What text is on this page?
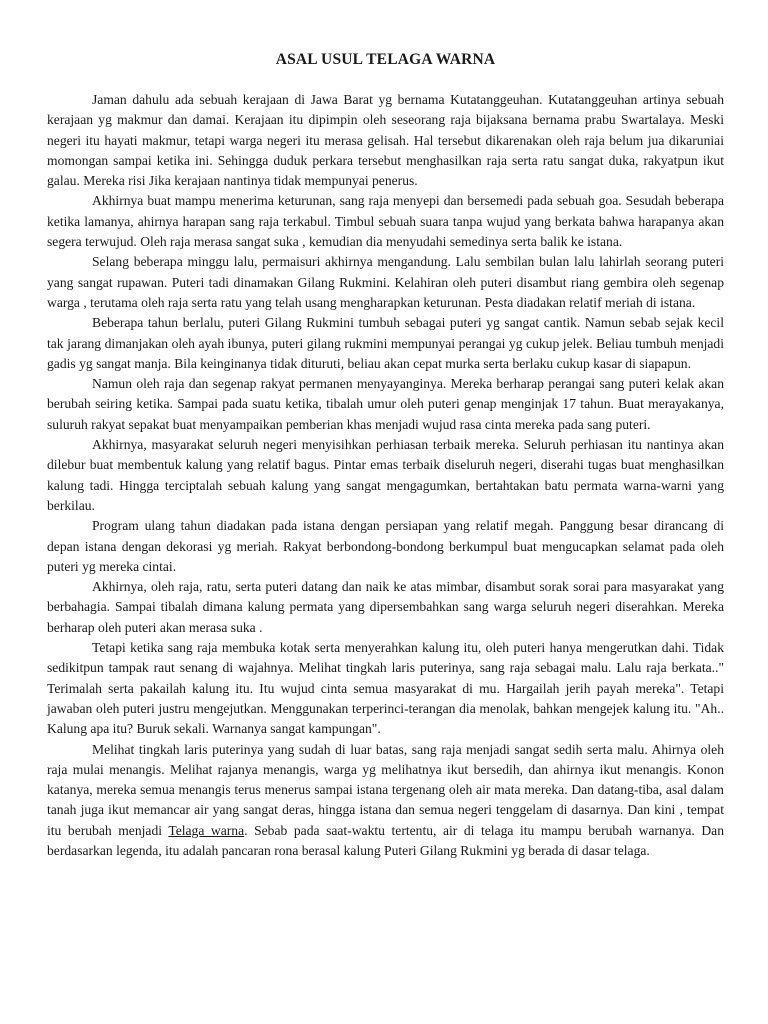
ASAL USUL TELAGA WARNA

Jaman dahulu ada sebuah kerajaan di Jawa Barat yg bernama Kutatanggeuhan. Kutatanggeuhan artinya sebuah kerajaan yg makmur dan damai. Kerajaan itu dipimpin oleh seseorang raja bijaksana bernama prabu Swartalaya. Meski negeri itu hayati makmur, tetapi warga negeri itu merasa gelisah. Hal tersebut dikarenakan oleh raja belum jua dikaruniai momongan sampai ketika ini. Sehingga duduk perkara tersebut menghasilkan raja serta ratu sangat duka, rakyatpun ikut galau. Mereka risi Jika kerajaan nantinya tidak mempunyai penerus.

Akhirnya buat mampu menerima keturunan, sang raja menyepi dan bersemedi pada sebuah goa. Sesudah beberapa ketika lamanya, ahirnya harapan sang raja terkabul. Timbul sebuah suara tanpa wujud yang berkata bahwa harapanya akan segera terwujud. Oleh raja merasa sangat suka , kemudian dia menyudahi semedinya serta balik ke istana.

Selang beberapa minggu lalu, permaisuri akhirnya mengandung. Lalu sembilan bulan lalu lahirlah seorang puteri yang sangat rupawan. Puteri tadi dinamakan Gilang Rukmini. Kelahiran oleh puteri disambut riang gembira oleh segenap warga , terutama oleh raja serta ratu yang telah usang mengharapkan keturunan. Pesta diadakan relatif meriah di istana.

Beberapa tahun berlalu, puteri Gilang Rukmini tumbuh sebagai puteri yg sangat cantik. Namun sebab sejak kecil tak jarang dimanjakan oleh ayah ibunya, puteri gilang rukmini mempunyai perangai yg cukup jelek. Beliau tumbuh menjadi gadis yg sangat manja. Bila keinginanya tidak dituruti, beliau akan cepat murka serta berlaku cukup kasar di siapapun.

Namun oleh raja dan segenap rakyat permanen menyayanginya. Mereka berharap perangai sang puteri kelak akan berubah seiring ketika. Sampai pada suatu ketika, tibalah umur oleh puteri genap menginjak 17 tahun. Buat merayakanya, suluruh rakyat sepakat buat menyampaikan pemberian khas menjadi wujud rasa cinta mereka pada sang puteri.

Akhirnya, masyarakat seluruh negeri menyisihkan perhiasan terbaik mereka. Seluruh perhiasan itu nantinya akan dilebur buat membentuk kalung yang relatif bagus. Pintar emas terbaik diseluruh negeri, diserahi tugas buat menghasilkan kalung tadi. Hingga terciptalah sebuah kalung yang sangat mengagumkan, bertahtakan batu permata warna-warni yang berkilau.

Program ulang tahun diadakan pada istana dengan persiapan yang relatif megah. Panggung besar dirancang di depan istana dengan dekorasi yg meriah. Rakyat berbondong-bondong berkumpul buat mengucapkan selamat pada oleh puteri yg mereka cintai.

Akhirnya, oleh raja, ratu, serta puteri datang dan naik ke atas mimbar, disambut sorak sorai para masyarakat yang berbahagia. Sampai tibalah dimana kalung permata yang dipersembahkan sang warga seluruh negeri diserahkan. Mereka berharap oleh puteri akan merasa suka .

Tetapi ketika sang raja membuka kotak serta menyerahkan kalung itu, oleh puteri hanya mengerutkan dahi. Tidak sedikitpun tampak raut senang di wajahnya. Melihat tingkah laris puterinya, sang raja sebagai malu. Lalu raja berkata.." Terimalah serta pakailah kalung itu. Itu wujud cinta semua masyarakat di mu. Hargailah jerih payah mereka". Tetapi jawaban oleh puteri justru mengejutkan. Menggunakan terperinci-terangan dia menolak, bahkan mengejek kalung itu. "Ah.. Kalung apa itu? Buruk sekali. Warnanya sangat kampungan".

Melihat tingkah laris puterinya yang sudah di luar batas, sang raja menjadi sangat sedih serta malu. Ahirnya oleh raja mulai menangis. Melihat rajanya menangis, warga yg melihatnya ikut bersedih, dan ahirnya ikut menangis. Konon katanya, mereka semua menangis terus menerus sampai istana tergenang oleh air mata mereka. Dan datang-tiba, asal dalam tanah juga ikut memancar air yang sangat deras, hingga istana dan semua negeri tenggelam di dasarnya. Dan kini , tempat itu berubah menjadi Telaga warna. Sebab pada saat-waktu tertentu, air di telaga itu mampu berubah warnanya. Dan berdasarkan legenda, itu adalah pancaran rona berasal kalung Puteri Gilang Rukmini yg berada di dasar telaga.
